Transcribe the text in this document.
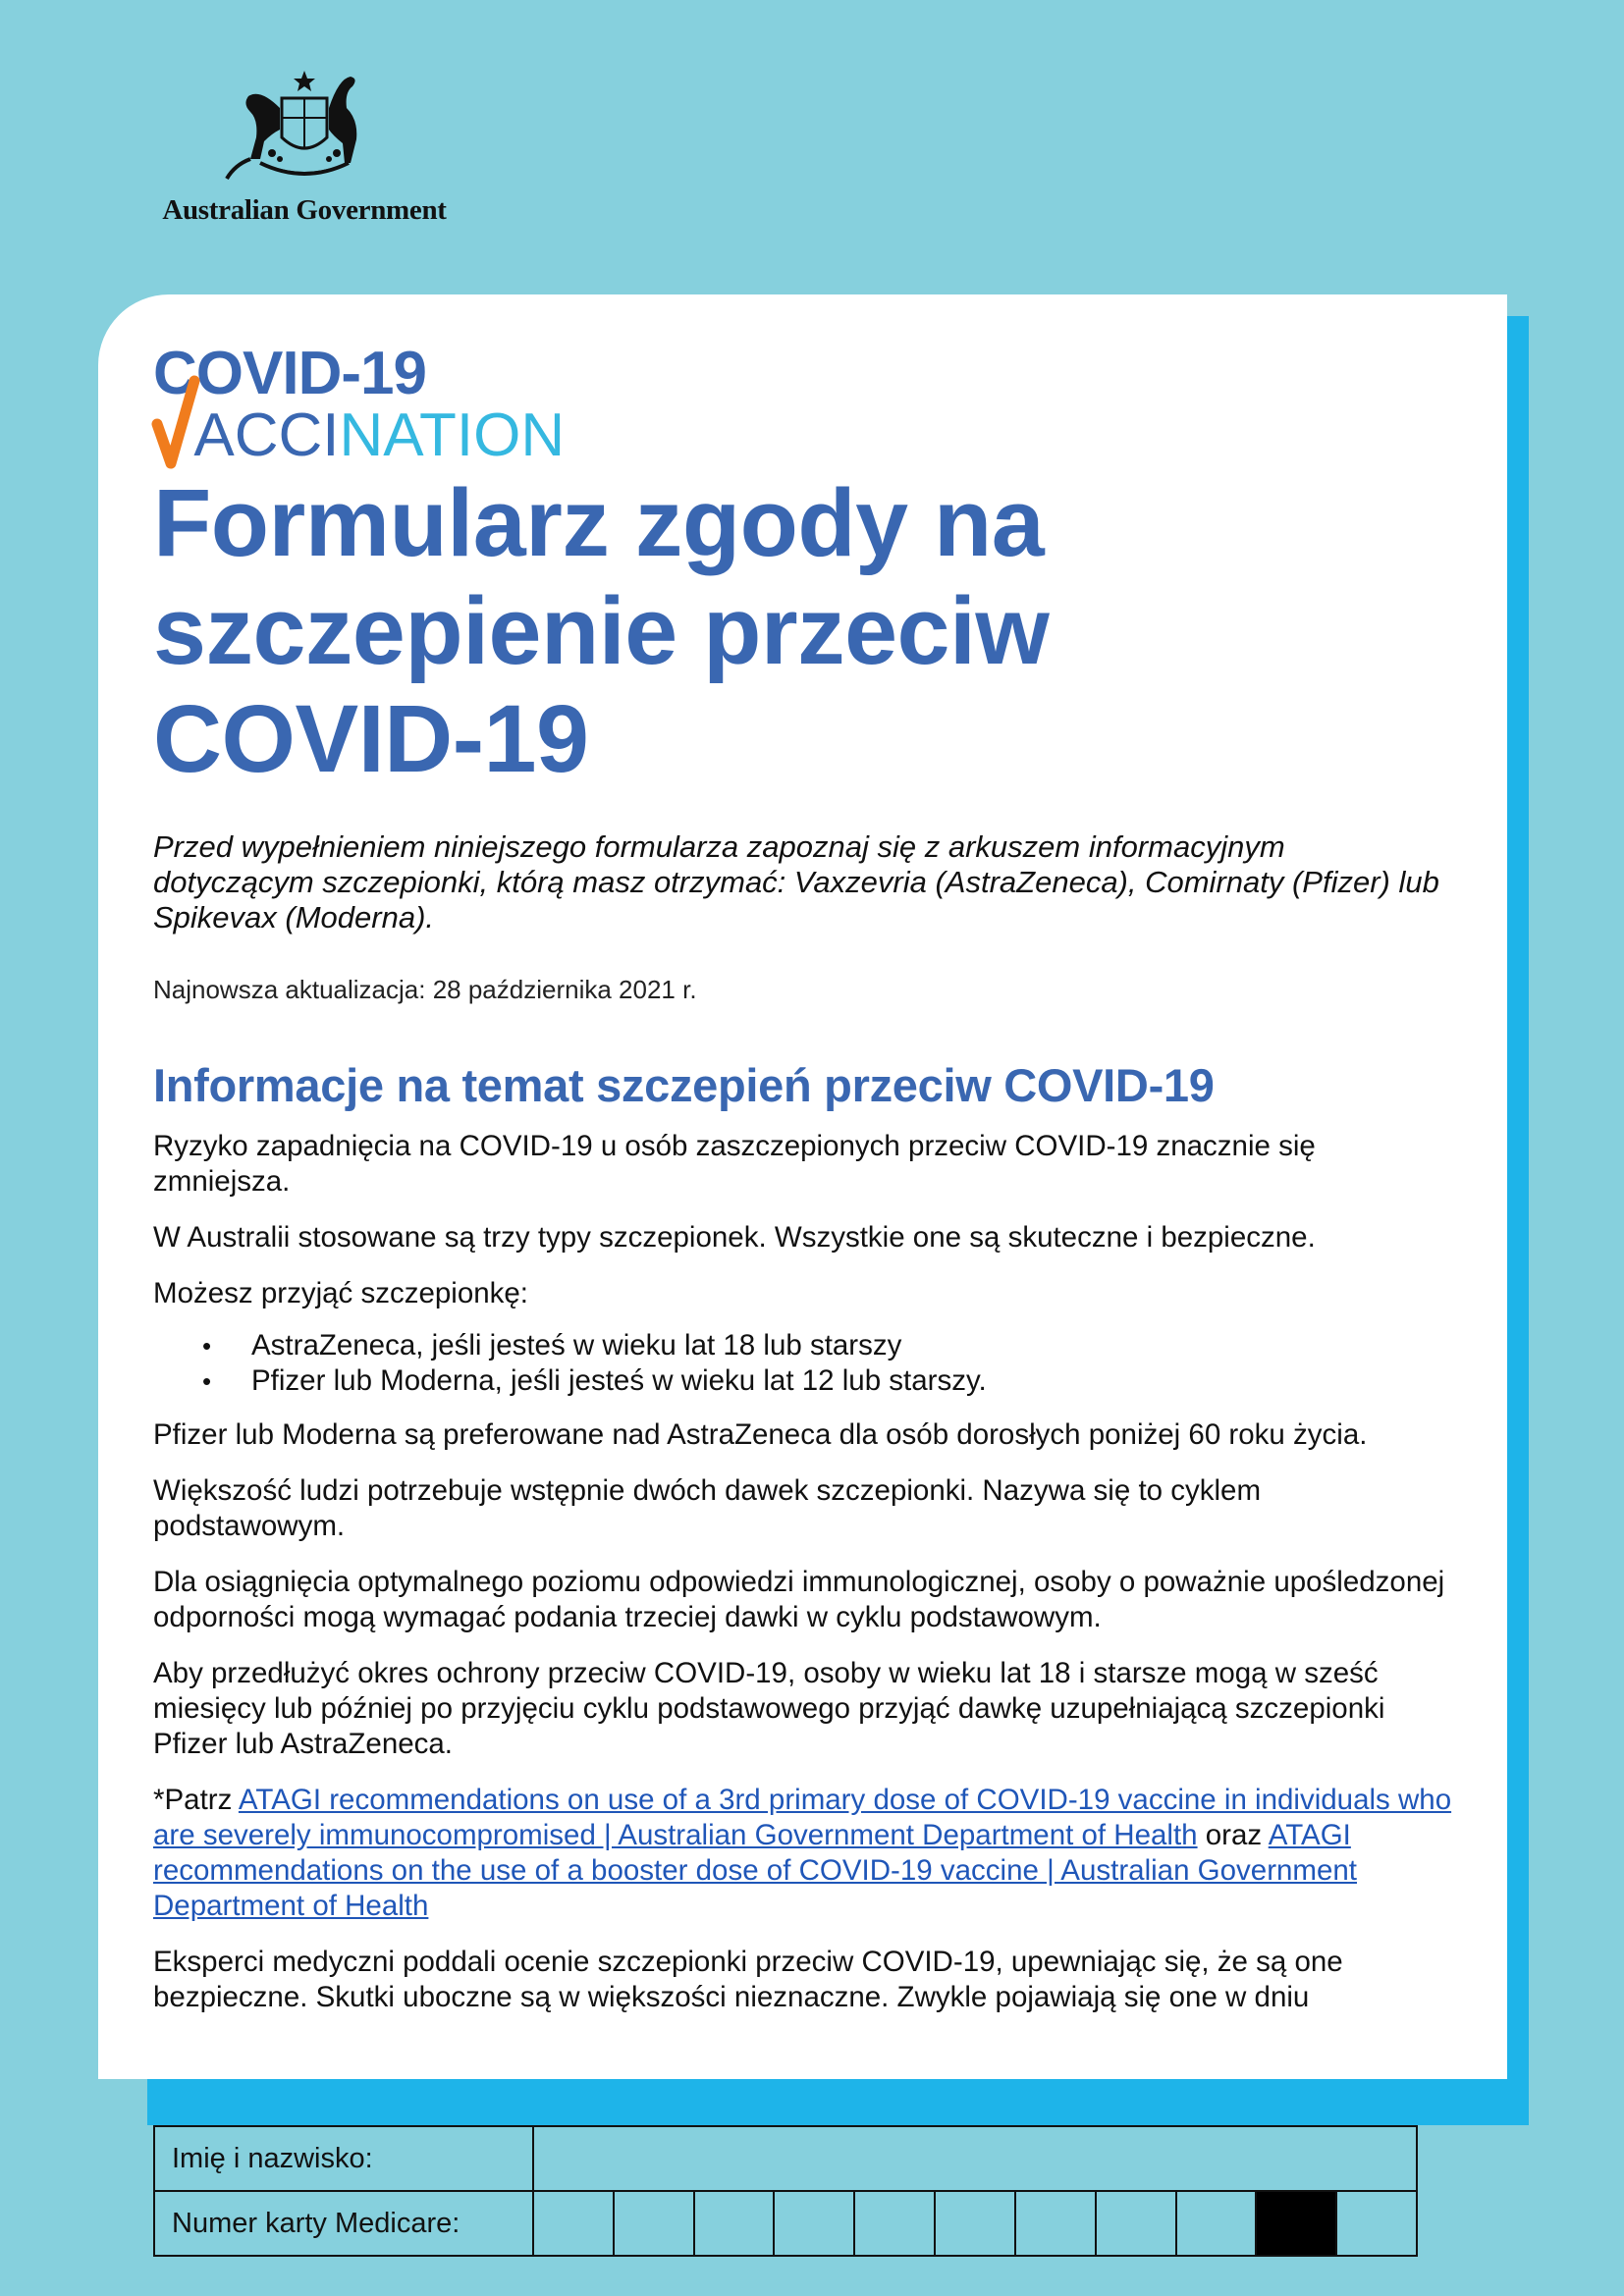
Australian Government
COVID-19
ACCINATION
Formularz zgody na szczepienie przeciw COVID-19

Przed wypełnieniem niniejszego formularza zapoznaj się z arkuszem informacyjnym dotyczącym szczepionki, którą masz otrzymać: Vaxzevria (AstraZeneca), Comirnaty (Pfizer) lub Spikevax (Moderna).

Najnowsza aktualizacja: 28 października 2021 r.

Informacje na temat szczepień przeciw COVID-19

Ryzyko zapadnięcia na COVID-19 u osób zaszczepionych przeciw COVID-19 znacznie się zmniejsza.

W Australii stosowane są trzy typy szczepionek. Wszystkie one są skuteczne i bezpieczne.

Możesz przyjąć szczepionkę:

• AstraZeneca, jeśli jesteś w wieku lat 18 lub starszy
• Pfizer lub Moderna, jeśli jesteś w wieku lat 12 lub starszy.

Pfizer lub Moderna są preferowane nad AstraZeneca dla osób dorosłych poniżej 60 roku życia.

Większość ludzi potrzebuje wstępnie dwóch dawek szczepionki. Nazywa się to cyklem podstawowym.

Dla osiągnięcia optymalnego poziomu odpowiedzi immunologicznej, osoby o poważnie upośledzonej odporności mogą wymagać podania trzeciej dawki w cyklu podstawowym.

Aby przedłużyć okres ochrony przeciw COVID-19, osoby w wieku lat 18 i starsze mogą w sześć miesięcy lub później po przyjęciu cyklu podstawowego przyjąć dawkę uzupełniającą szczepionki Pfizer lub AstraZeneca.

*Patrz ATAGI recommendations on use of a 3rd primary dose of COVID-19 vaccine in individuals who are severely immunocompromised | Australian Government Department of Health oraz ATAGI recommendations on the use of a booster dose of COVID-19 vaccine | Australian Government Department of Health

Eksperci medyczni poddali ocenie szczepionki przeciw COVID-19, upewniając się, że są one bezpieczne. Skutki uboczne są w większości nieznaczne. Zwykle pojawiają się one w dniu

Imię i nazwisko:	
Numer karty Medicare:	
